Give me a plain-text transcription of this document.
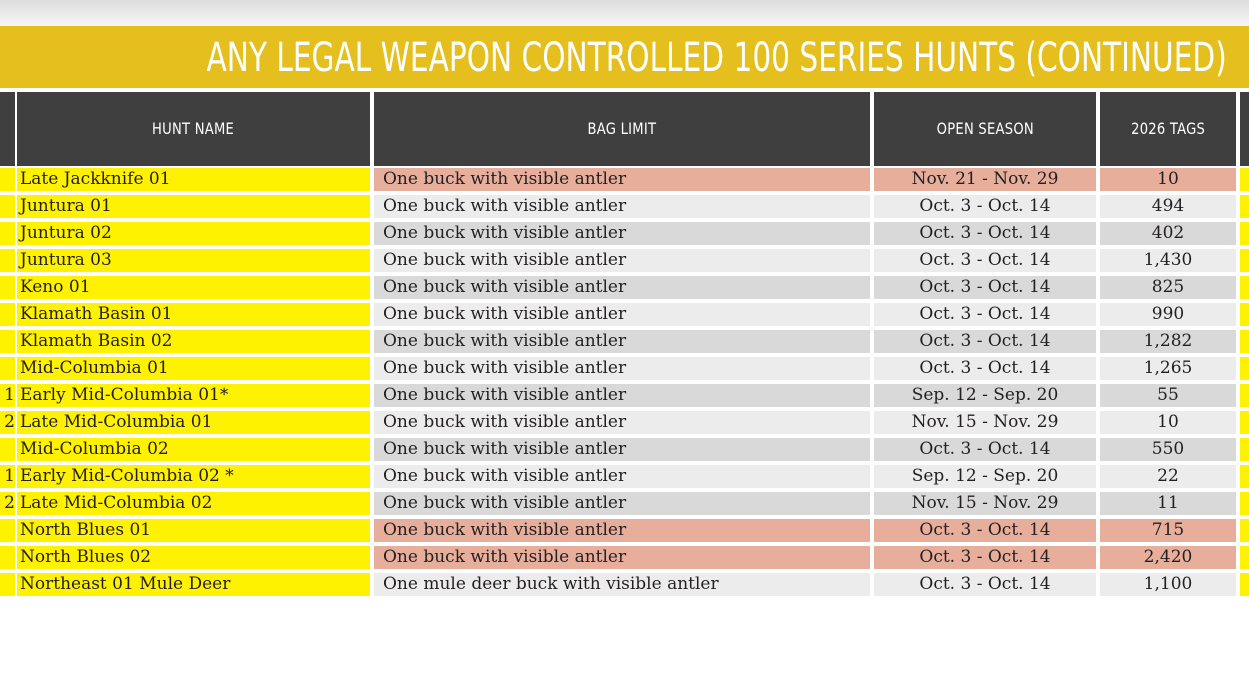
ANY LEGAL WEAPON CONTROLLED 100 SERIES HUNTS (CONTINUED)
HUNT NAME	BAG LIMIT	OPEN SEASON	2026 TAGS
Late Jackknife 01	One buck with visible antler	Nov. 21 - Nov. 29	10
Juntura 01	One buck with visible antler	Oct. 3 - Oct. 14	494
Juntura 02	One buck with visible antler	Oct. 3 - Oct. 14	402
Juntura 03	One buck with visible antler	Oct. 3 - Oct. 14	1,430
Keno 01	One buck with visible antler	Oct. 3 - Oct. 14	825
Klamath Basin 01	One buck with visible antler	Oct. 3 - Oct. 14	990
Klamath Basin 02	One buck with visible antler	Oct. 3 - Oct. 14	1,282
Mid-Columbia 01	One buck with visible antler	Oct. 3 - Oct. 14	1,265
1 Early Mid-Columbia 01*	One buck with visible antler	Sep. 12 - Sep. 20	55
2 Late Mid-Columbia 01	One buck with visible antler	Nov. 15 - Nov. 29	10
Mid-Columbia 02	One buck with visible antler	Oct. 3 - Oct. 14	550
1 Early Mid-Columbia 02 *	One buck with visible antler	Sep. 12 - Sep. 20	22
2 Late Mid-Columbia 02	One buck with visible antler	Nov. 15 - Nov. 29	11
North Blues 01	One buck with visible antler	Oct. 3 - Oct. 14	715
North Blues 02	One buck with visible antler	Oct. 3 - Oct. 14	2,420
Northeast 01 Mule Deer	One mule deer buck with visible antler	Oct. 3 - Oct. 14	1,100
